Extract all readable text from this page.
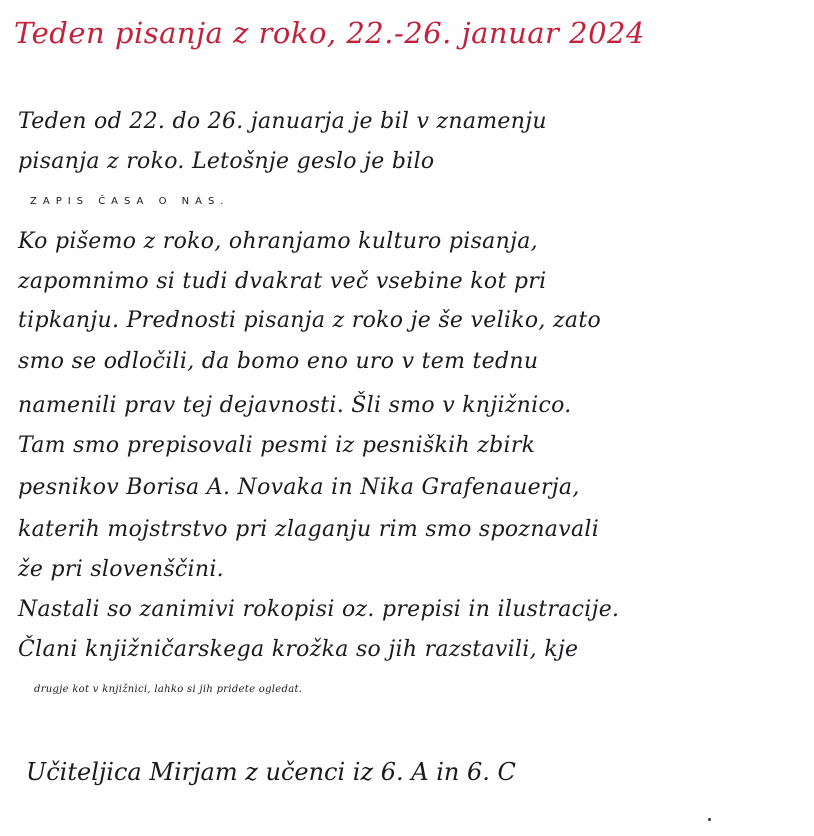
Teden pisanja z roko, 22.-26. januar 2024
Teden od 22. do 26. januarja je bil v znamenju
pisanja z roko. Letošnje geslo je bilo
ZAPIS ČASA O NAS.
Ko pišemo z roko, ohranjamo kulturo pisanja,
zapomnimo si tudi dvakrat več vsebine kot pri
tipkanju. Prednosti pisanja z roko je še veliko, zato
smo se odločili, da bomo eno uro v tem tednu
namenili prav tej dejavnosti. Šli smo v knjižnico.
Tam smo prepisovali pesmi iz pesniških zbirk
pesnikov Borisa A. Novaka in Nika Grafenauerja,
katerih mojstrstvo pri zlaganju rim smo spoznavali
že pri slovenščini.
Nastali so zanimivi rokopisi oz. prepisi in ilustracije.
Člani knjižničarskega krožka so jih razstavili, kje
drugje kot v knjižnici, lahko si jih pridete ogledat.
Učiteljica Mirjam z učenci iz 6. A in 6. C
